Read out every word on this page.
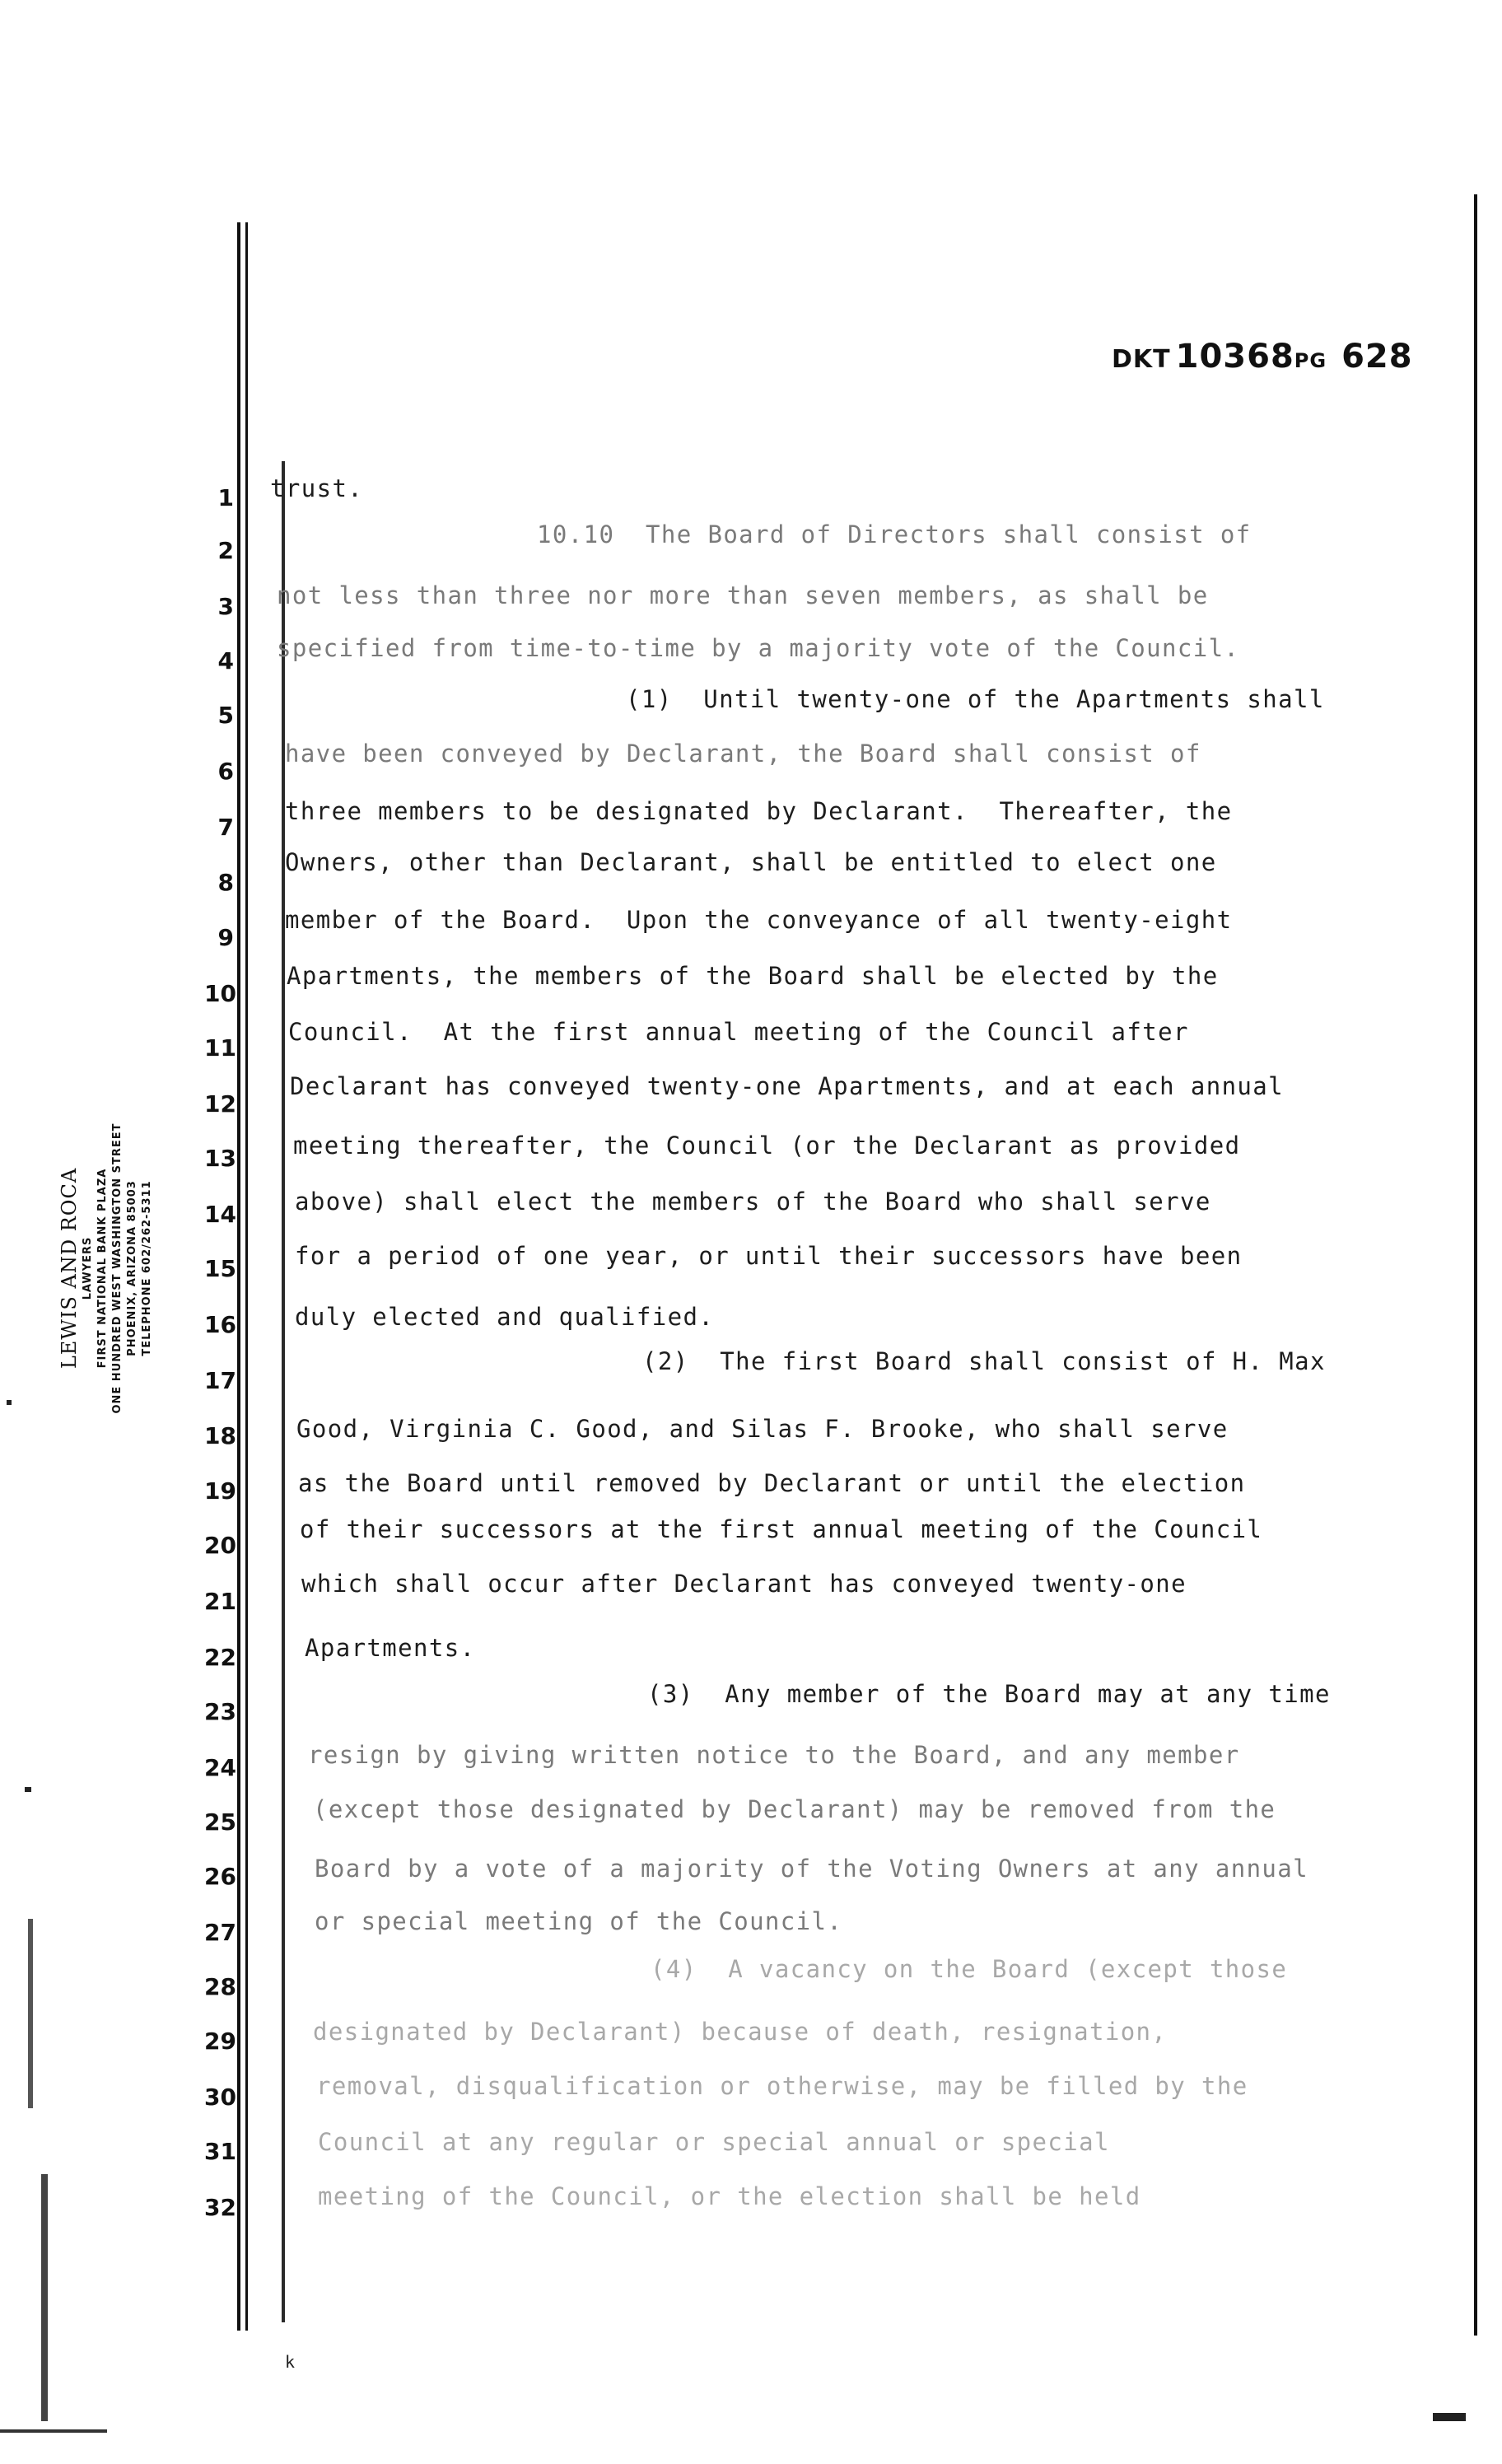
DKT 10368PG 628
LEWIS AND ROCA LAWYERS FIRST NATIONAL BANK PLAZA ONE HUNDRED WEST WASHINGTON STREET PHOENIX, ARIZONA 85003 TELEPHONE 602/262-5311
1 trust.
2
10.10  The Board of Directors shall consist of
3 not less than three nor more than seven members, as shall be
4 specified from time-to-time by a majority vote of the Council.
5
(1)  Until twenty-one of the Apartments shall
6
have been conveyed by Declarant, the Board shall consist of
7
three members to be designated by Declarant.  Thereafter, the
8
Owners, other than Declarant, shall be entitled to elect one
9
member of the Board.  Upon the conveyance of all twenty-eight
10
Apartments, the members of the Board shall be elected by the
11
Council.  At the first annual meeting of the Council after
12
Declarant has conveyed twenty-one Apartments, and at each annual
13 meeting thereafter, the Council (or the Declarant as provided
14 above) shall elect the members of the Board who shall serve
15 for a period of one year, or until their successors have been
16 duly elected and qualified.
17
(2)  The first Board shall consist of H. Max
18	Good, Virginia C. Good, and Silas F. Brooke, who shall serve
19	as the Board until removed by Declarant or until the election
20
of their successors at the first annual meeting of the Council
21
which shall occur after Declarant has conveyed twenty-one
22	Apartments.
23
(3)  Any member of the Board may at any time
24	resign by giving written notice to the Board, and any member
25	(except those designated by Declarant) may be removed from the
26	Board by a vote of a majority of the Voting Owners at any annual
27	or special meeting of the Council.
28
(4)  A vacancy on the Board (except those
29	designated by Declarant) because of death, resignation,
30	removal, disqualification or otherwise, may be filled by the
31	Council at any regular or special annual or special
32	meeting of the Council, or the election shall be held
k
